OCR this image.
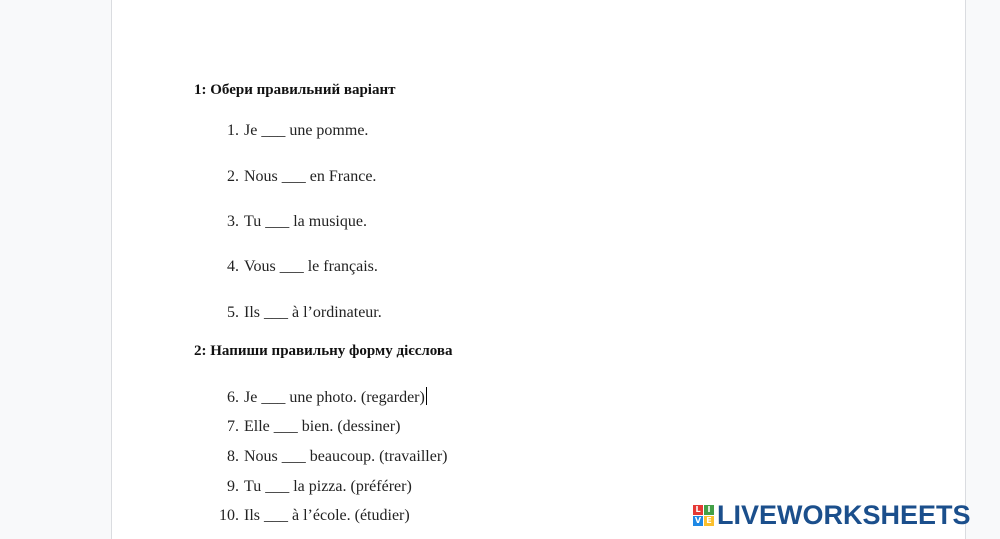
1: Обери правильний варіант
1. Je ___ une pomme.
2. Nous ___ en France.
3. Tu ___ la musique.
4. Vous ___ le français.
5. Ils ___ à l’ordinateur.
2: Напиши правильну форму дієслова
6. Je ___ une photo. (regarder)
7. Elle ___ bien. (dessiner)
8. Nous ___ beaucoup. (travailler)
9. Tu ___ la pizza. (préférer)
10. Ils ___ à l’école. (étudier)	L I
V E LIVEWORKSHEETS
